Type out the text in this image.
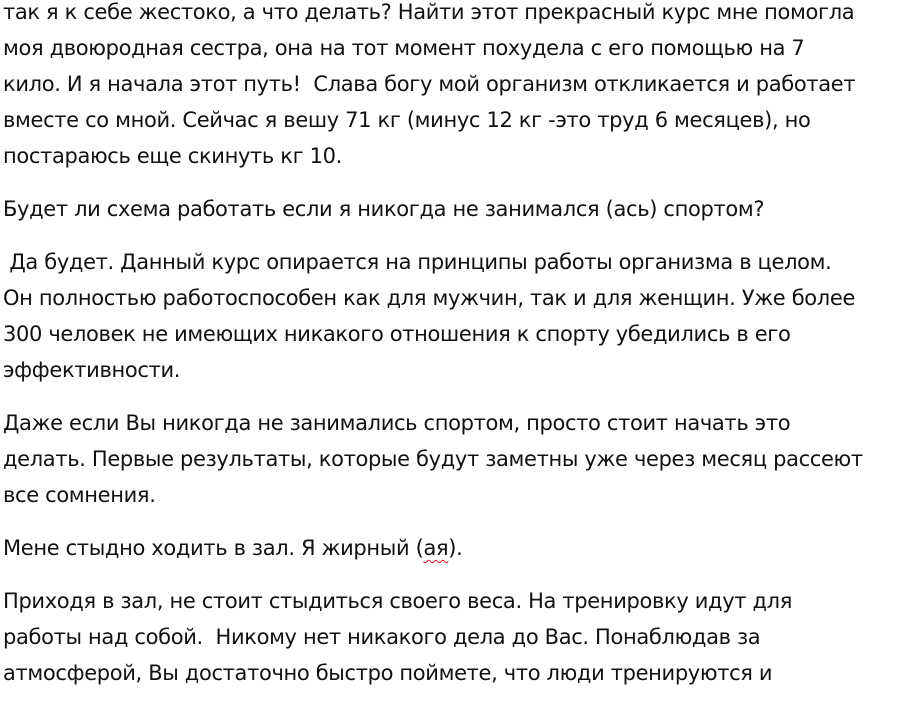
так я к себе жестоко, а что делать? Найти этот прекрасный курс мне помогла
моя двоюродная сестра, она на тот момент похудела с его помощью на 7
кило. И я начала этот путь!  Слава богу мой организм откликается и работает
вместе со мной. Сейчас я вешу 71 кг (минус 12 кг -это труд 6 месяцев), но
постараюсь еще скинуть кг 10.
Будет ли схема работать если я никогда не занимался (ась) спортом?
Да будет. Данный курс опирается на принципы работы организма в целом.
Он полностью работоспособен как для мужчин, так и для женщин. Уже более
300 человек не имеющих никакого отношения к спорту убедились в его
эффективности.
Даже если Вы никогда не занимались спортом, просто стоит начать это
делать. Первые результаты, которые будут заметны уже через месяц рассеют
все сомнения.
Мене стыдно ходить в зал. Я жирный (ая).
Приходя в зал, не стоит стыдиться своего веса. На тренировку идут для
работы над собой.  Никому нет никакого дела до Вас. Понаблюдав за
атмосферой, Вы достаточно быстро поймете, что люди тренируются и
